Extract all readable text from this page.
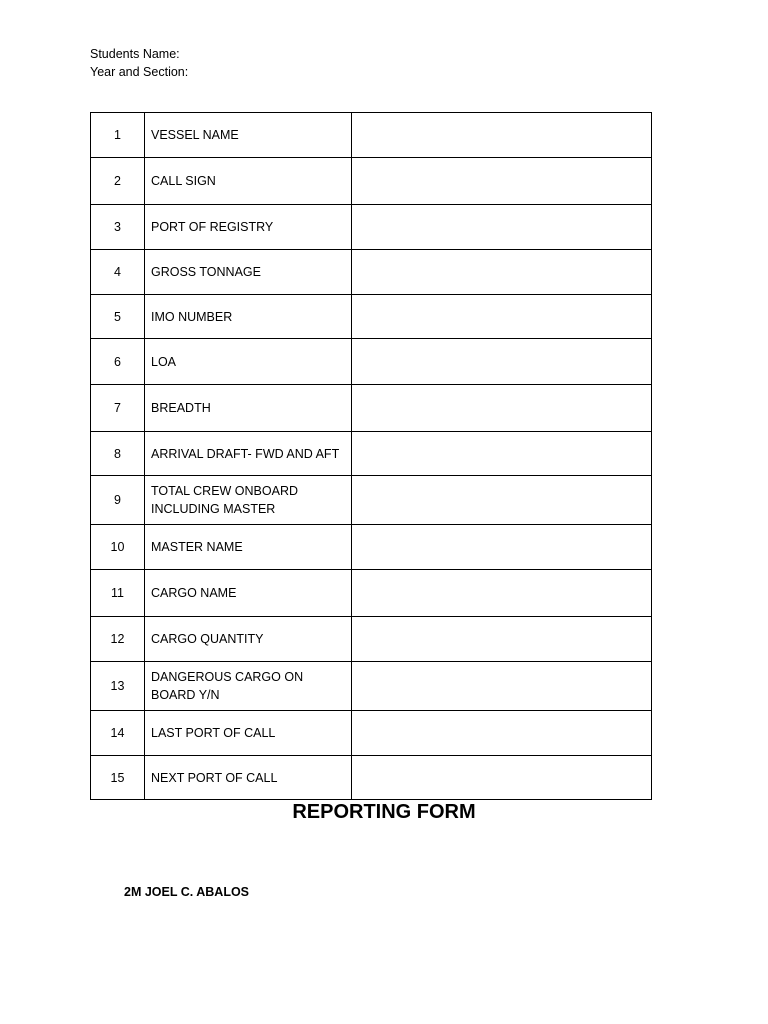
Students Name:
Year and Section:
1	VESSEL NAME	
2	CALL SIGN	
3	PORT OF REGISTRY	
4	GROSS TONNAGE	
5	IMO NUMBER	
6	LOA	
7	BREADTH	
8	ARRIVAL DRAFT- FWD AND AFT	
9	TOTAL CREW ONBOARD INCLUDING MASTER	
10	MASTER NAME	
11	CARGO NAME	
12	CARGO QUANTITY	
13	DANGEROUS CARGO ON BOARD Y/N	
14	LAST PORT OF CALL	
15	NEXT PORT OF CALL	
REPORTING FORM
2M JOEL C. ABALOS
